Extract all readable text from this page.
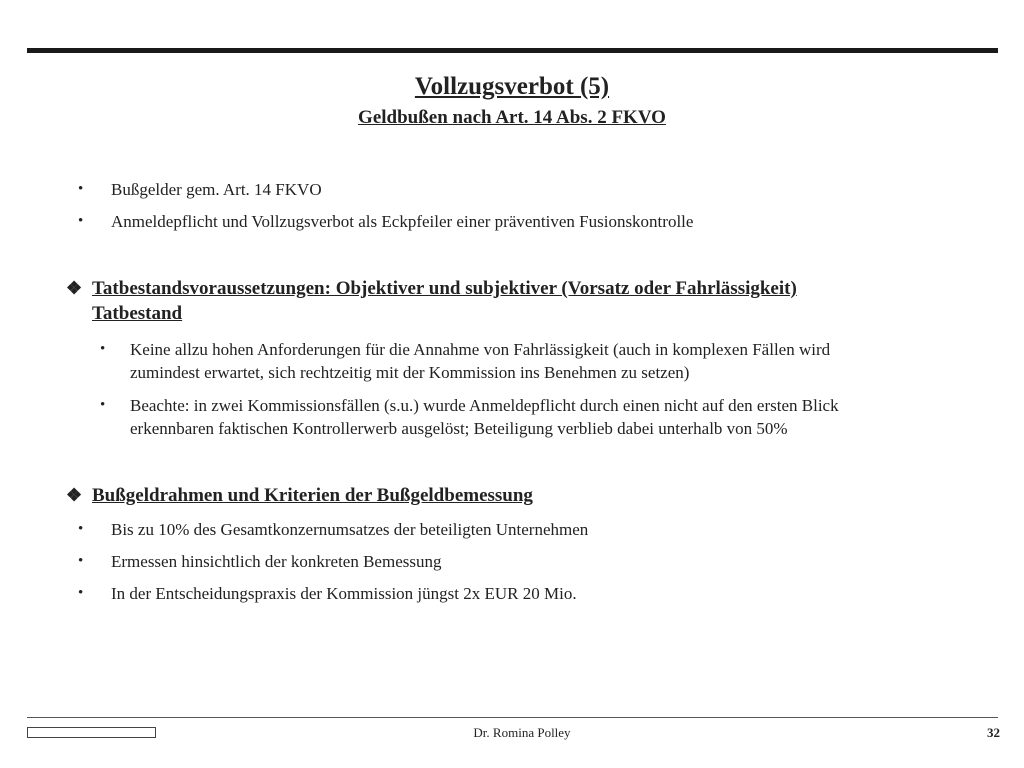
Vollzugsverbot (5)
Geldbußen nach Art. 14 Abs. 2 FKVO
• Bußgelder gem. Art. 14 FKVO
• Anmeldepflicht und Vollzugsverbot als Eckpfeiler einer präventiven Fusionskontrolle
❖ Tatbestandsvoraussetzungen: Objektiver und subjektiver (Vorsatz oder Fahrlässigkeit)
Tatbestand
• Keine allzu hohen Anforderungen für die Annahme von Fahrlässigkeit (auch in komplexen Fällen wird
zumindest erwartet, sich rechtzeitig mit der Kommission ins Benehmen zu setzen)
• Beachte: in zwei Kommissionsfällen (s.u.) wurde Anmeldepflicht durch einen nicht auf den ersten Blick
erkennbaren faktischen Kontrollerwerb ausgelöst; Beteiligung verblieb dabei unterhalb von 50%
❖ Bußgeldrahmen und Kriterien der Bußgeldbemessung
• Bis zu 10% des Gesamtkonzernumsatzes der beteiligten Unternehmen
• Ermessen hinsichtlich der konkreten Bemessung
• In der Entscheidungspraxis der Kommission jüngst 2x EUR 20 Mio.
Dr. Romina Polley	32
